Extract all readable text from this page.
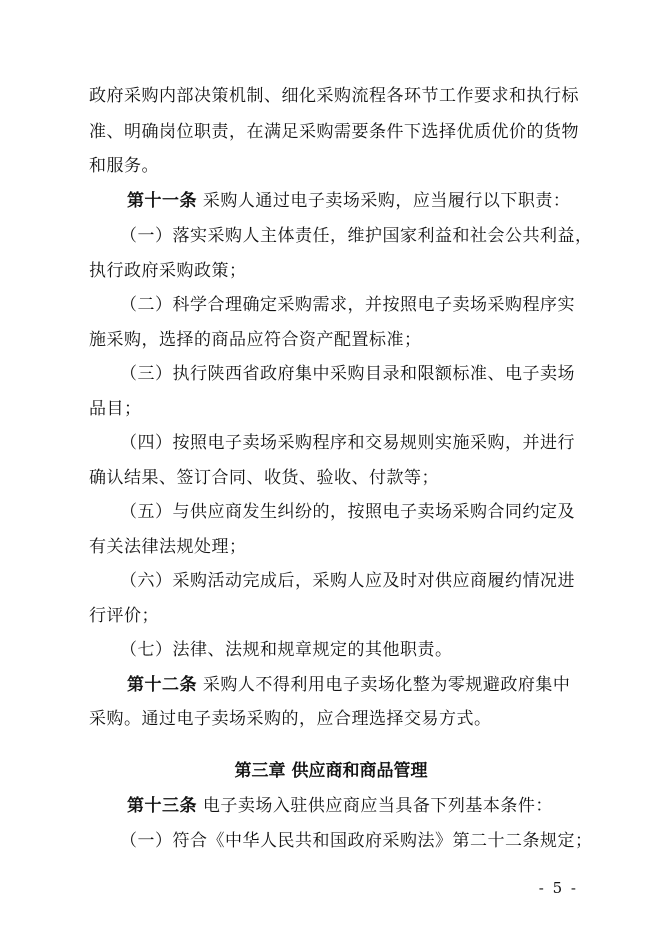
政府采购内部决策机制、细化采购流程各环节工作要求和执行标
准、明确岗位职责，在满足采购需要条件下选择优质优价的货物
和服务。
第十一条 采购人通过电子卖场采购，应当履行以下职责：
（一）落实采购人主体责任，维护国家利益和社会公共利益，
执行政府采购政策；
（二）科学合理确定采购需求，并按照电子卖场采购程序实
施采购，选择的商品应符合资产配置标准；
（三）执行陕西省政府集中采购目录和限额标准、电子卖场
品目；
（四）按照电子卖场采购程序和交易规则实施采购，并进行
确认结果、签订合同、收货、验收、付款等；
（五）与供应商发生纠纷的，按照电子卖场采购合同约定及
有关法律法规处理；
（六）采购活动完成后，采购人应及时对供应商履约情况进
行评价；
（七）法律、法规和规章规定的其他职责。
第十二条 采购人不得利用电子卖场化整为零规避政府集中
采购。通过电子卖场采购的，应合理选择交易方式。
第三章 供应商和商品管理
第十三条 电子卖场入驻供应商应当具备下列基本条件：
（一）符合《中华人民共和国政府采购法》第二十二条规定；
- 5 -
